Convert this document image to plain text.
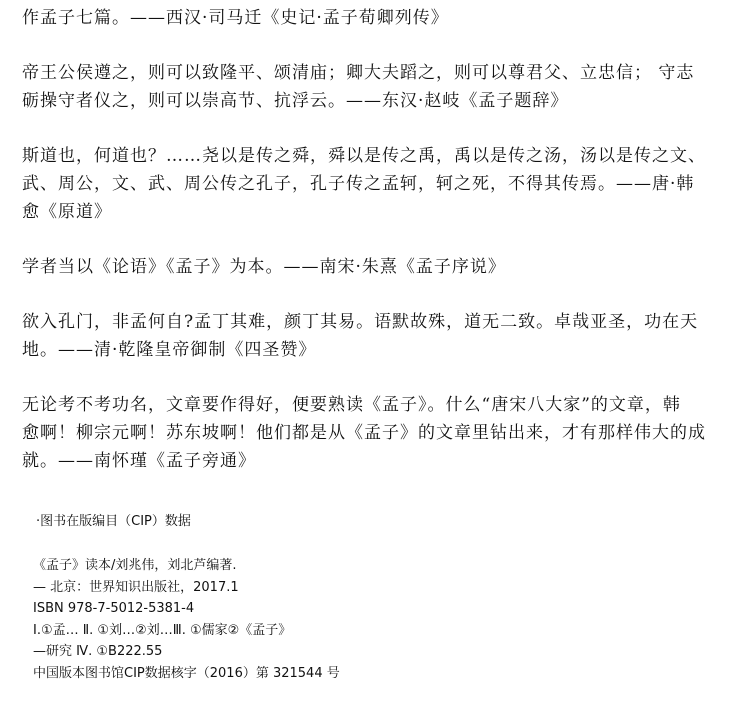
作孟子七篇。——西汉·司马迁《史记·孟子荀卿列传》
帝王公侯遵之，则可以致隆平、颂清庙；卿大夫蹈之，则可以尊君父、立忠信； 守志
砺操守者仪之，则可以崇高节、抗浮云。——东汉·赵岐《孟子题辞》
斯道也，何道也？……尧以是传之舜，舜以是传之禹，禹以是传之汤，汤以是传之文、
武、周公，文、武、周公传之孔子，孔子传之孟轲，轲之死，不得其传焉。——唐·韩
愈《原道》
学者当以《论语》《孟子》为本。——南宋·朱熹《孟子序说》
欲入孔门，非孟何自?孟丁其难，颜丁其易。语默故殊，道无二致。卓哉亚圣，功在天
地。——清·乾隆皇帝御制《四圣赞》
无论考不考功名，文章要作得好，便要熟读《孟子》。什么“唐宋八大家”的文章，韩
愈啊！柳宗元啊！苏东坡啊！他们都是从《孟子》的文章里钻出来，才有那样伟大的成
就。——南怀瑾《孟子旁通》
·图书在版编目（CIP）数据
《孟子》读本/刘兆伟，刘北芦编著.
— 北京：世界知识出版社，2017.1
ISBN 978-7-5012-5381-4
Ⅰ.①孟… Ⅱ. ①刘…②刘…Ⅲ. ①儒家②《孟子》
—研究 Ⅳ. ①B222.55
中国版本图书馆CIP数据核字（2016）第 321544 号
